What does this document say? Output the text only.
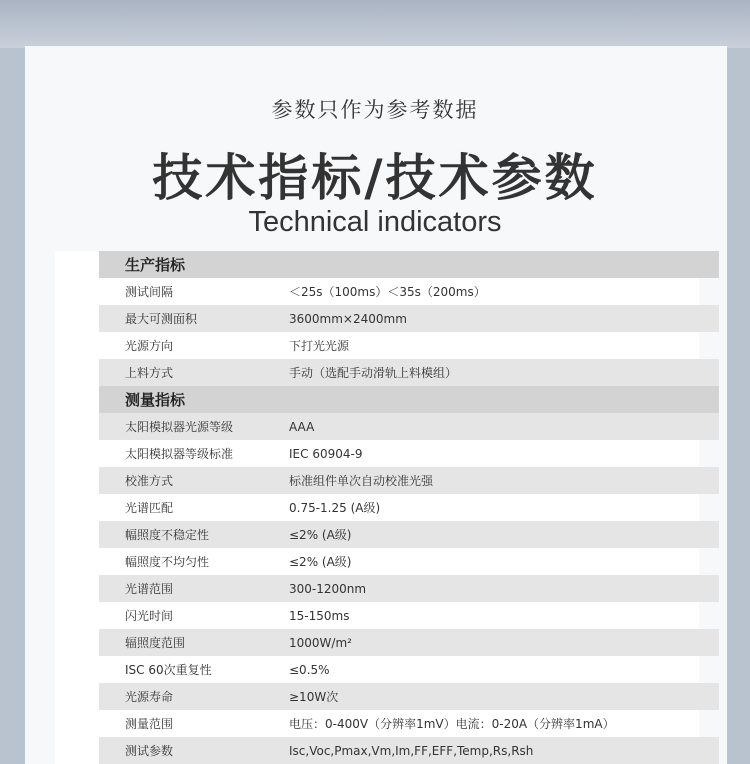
参数只作为参考数据
技术指标/技术参数
Technical indicators
生产指标
测试间隔	＜25s（100ms）＜35s（200ms）
最大可测面积	3600mm×2400mm
光源方向	下打光光源
上料方式	手动（选配手动滑轨上料模组）
测量指标
太阳模拟器光源等级	AAA
太阳模拟器等级标准	IEC 60904-9
校准方式	标准组件单次自动校准光强
光谱匹配	0.75-1.25 (A级)
幅照度不稳定性	≤2% (A级)
幅照度不均匀性	≤2% (A级)
光谱范围	300-1200nm
闪光时间	15-150ms
辐照度范围	1000W/m²
ISC 60次重复性	≤0.5%
光源寿命	≥10W次
测量范围	电压：0-400V（分辨率1mV）电流：0-20A（分辨率1mA）
测试参数	Isc,Voc,Pmax,Vm,Im,FF,EFF,Temp,Rs,Rsh
